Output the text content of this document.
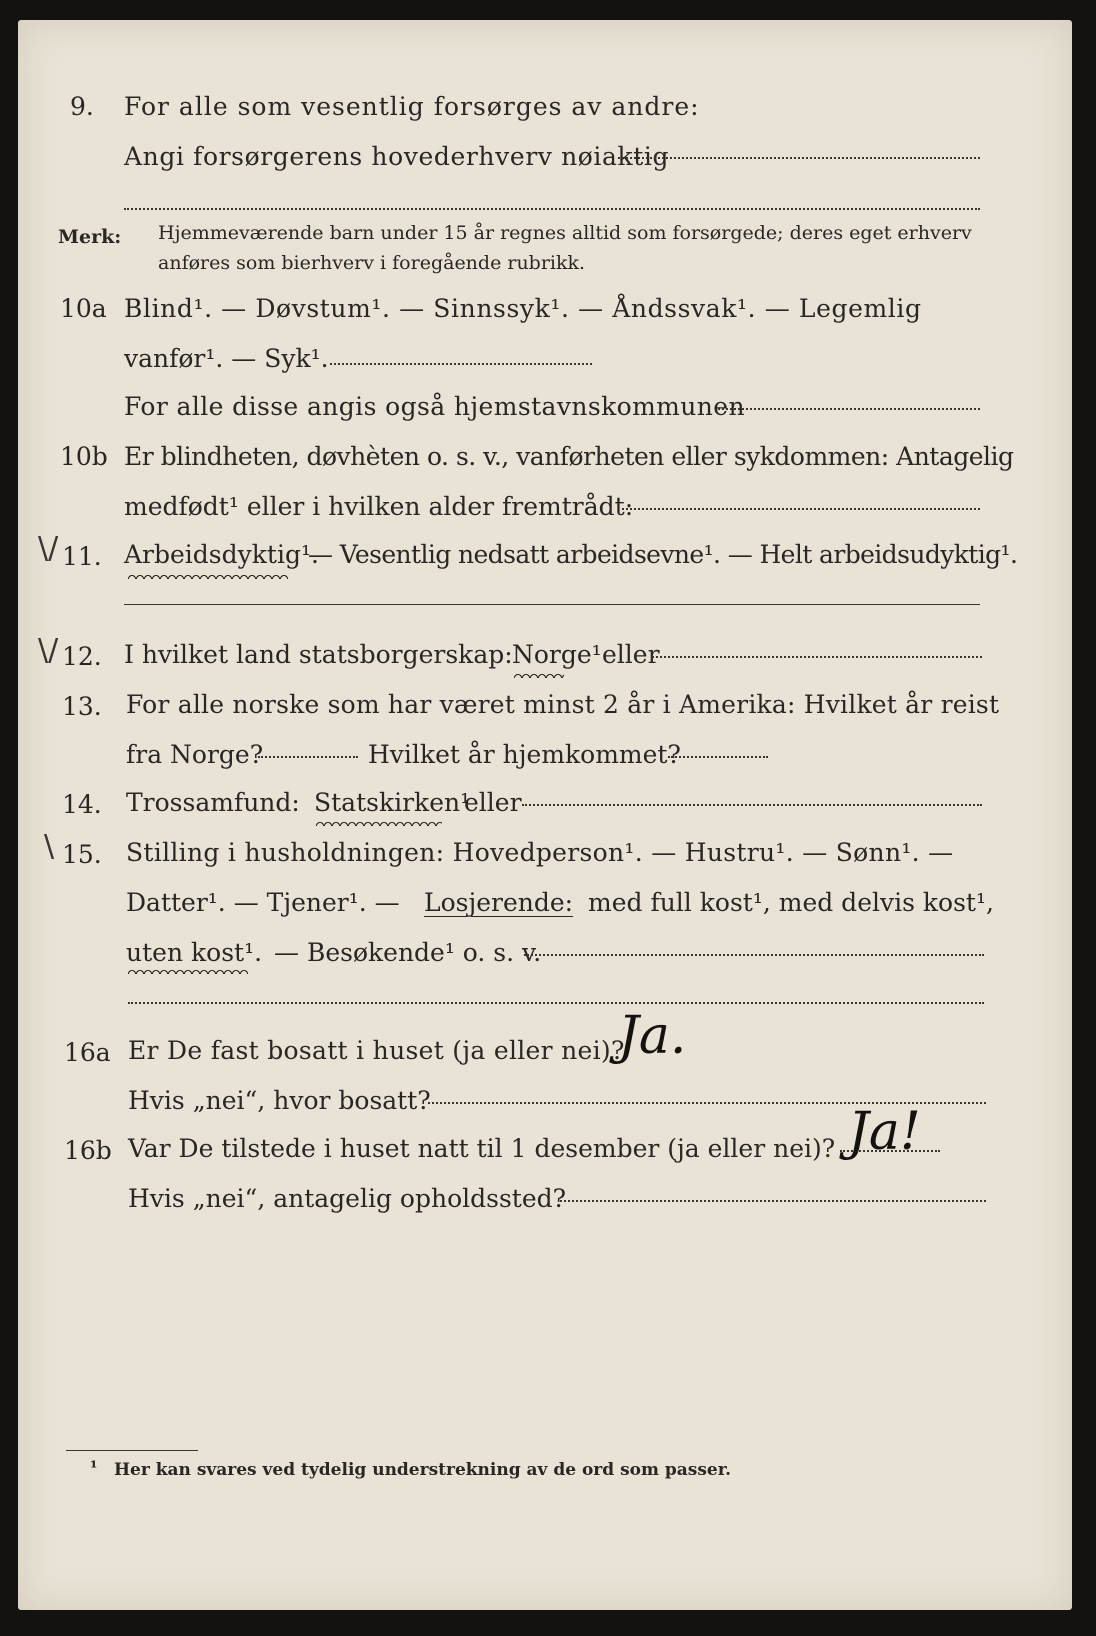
9. For alle som vesentlig forsørges av andre:
Angi forsørgerens hovederhverv nøiaktig
Merk: Hjemmeværende barn under 15 år regnes alltid som forsørgede; deres eget erhverv
anføres som bierhverv i foregående rubrikk.
10a Blind¹. — Døvstum¹. — Sinnssyk¹. — Åndssvak¹. — Legemlig
vanfør¹. — Syk¹.
For alle disse angis også hjemstavnskommunen
10b Er blindheten, døvhèten o. s. v., vanførheten eller sykdommen: Antagelig
medfødt¹ eller i hvilken alder fremtrådt:
\/ 11. Arbeidsdyktig¹.
— Vesentlig nedsatt arbeidsevne¹. — Helt arbeidsudyktig¹.
\/ 12. I hvilket land statsborgerskap: Norge¹ eller
13. For alle norske som har været minst 2 år i Amerika: Hvilket år reist
fra Norge?	Hvilket år hjemkommet?
14. Trossamfund: Statskirken¹
eller
\ 15. Stilling i husholdningen: Hovedperson¹. — Hustru¹. — Sønn¹. —
Datter¹. — Tjener¹. — Losjerende: med full kost¹, med delvis kost¹,
uten kost¹. — Besøkende¹ o. s. v.
16a Er De fast bosatt i huset (ja eller nei)?
Ja.
Hvis „nei“, hvor bosatt?
16b Var De tilstede i huset natt til 1 desember (ja eller nei)? Ja!
Hvis „nei“, antagelig opholdssted?
¹ Her kan svares ved tydelig understrekning av de ord som passer.
